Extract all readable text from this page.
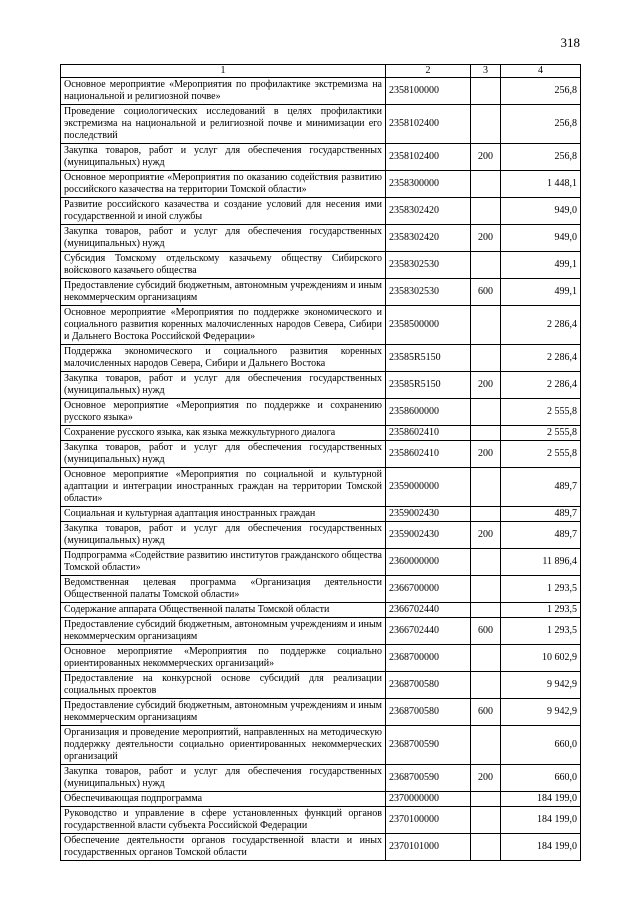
318
1	2	3	4
Основное мероприятие «Мероприятия по профилактике экстремизма на национальной и религиозной почве»	2358100000		256,8
Проведение социологических исследований в целях профилактики экстремизма на национальной и религиозной почве и минимизации его последствий	2358102400		256,8
Закупка товаров, работ и услуг для обеспечения государственных (муниципальных) нужд	2358102400	200	256,8
Основное мероприятие «Мероприятия по оказанию содействия развитию российского казачества на территории Томской области»	2358300000		1 448,1
Развитие российского казачества и создание условий для несения ими государственной и иной службы	2358302420		949,0
Закупка товаров, работ и услуг для обеспечения государственных (муниципальных) нужд	2358302420	200	949,0
Субсидия Томскому отдельскому казачьему обществу Сибирского войскового казачьего общества	2358302530		499,1
Предоставление субсидий бюджетным, автономным учреждениям и иным некоммерческим организациям	2358302530	600	499,1
Основное мероприятие «Мероприятия по поддержке экономического и социального развития коренных малочисленных народов Севера, Сибири и Дальнего Востока Российской Федерации»	2358500000		2 286,4
Поддержка экономического и социального развития коренных малочисленных народов Севера, Сибири и Дальнего Востока	23585R5150		2 286,4
Закупка товаров, работ и услуг для обеспечения государственных (муниципальных) нужд	23585R5150	200	2 286,4
Основное мероприятие «Мероприятия по поддержке и сохранению русского языка»	2358600000		2 555,8
Сохранение русского языка, как языка межкультурного диалога	2358602410		2 555,8
Закупка товаров, работ и услуг для обеспечения государственных (муниципальных) нужд	2358602410	200	2 555,8
Основное мероприятие «Мероприятия по социальной и культурной адаптации и интеграции иностранных граждан на территории Томской области»	2359000000		489,7
Социальная и культурная адаптация иностранных граждан	2359002430		489,7
Закупка товаров, работ и услуг для обеспечения государственных (муниципальных) нужд	2359002430	200	489,7
Подпрограмма «Содействие развитию институтов гражданского общества Томской области»	2360000000		11 896,4
Ведомственная целевая программа «Организация деятельности Общественной палаты Томской области»	2366700000		1 293,5
Содержание аппарата Общественной палаты Томской области	2366702440		1 293,5
Предоставление субсидий бюджетным, автономным учреждениям и иным некоммерческим организациям	2366702440	600	1 293,5
Основное мероприятие «Мероприятия по поддержке социально ориентированных некоммерческих организаций»	2368700000		10 602,9
Предоставление на конкурсной основе субсидий для реализации социальных проектов	2368700580		9 942,9
Предоставление субсидий бюджетным, автономным учреждениям и иным некоммерческим организациям	2368700580	600	9 942,9
Организация и проведение мероприятий, направленных на методическую поддержку деятельности социально ориентированных некоммерческих организаций	2368700590		660,0
Закупка товаров, работ и услуг для обеспечения государственных (муниципальных) нужд	2368700590	200	660,0
Обеспечивающая подпрограмма	2370000000		184 199,0
Руководство и управление в сфере установленных функций органов государственной власти субъекта Российской Федерации	2370100000		184 199,0
Обеспечение деятельности органов государственной власти и иных государственных органов Томской области	2370101000		184 199,0
